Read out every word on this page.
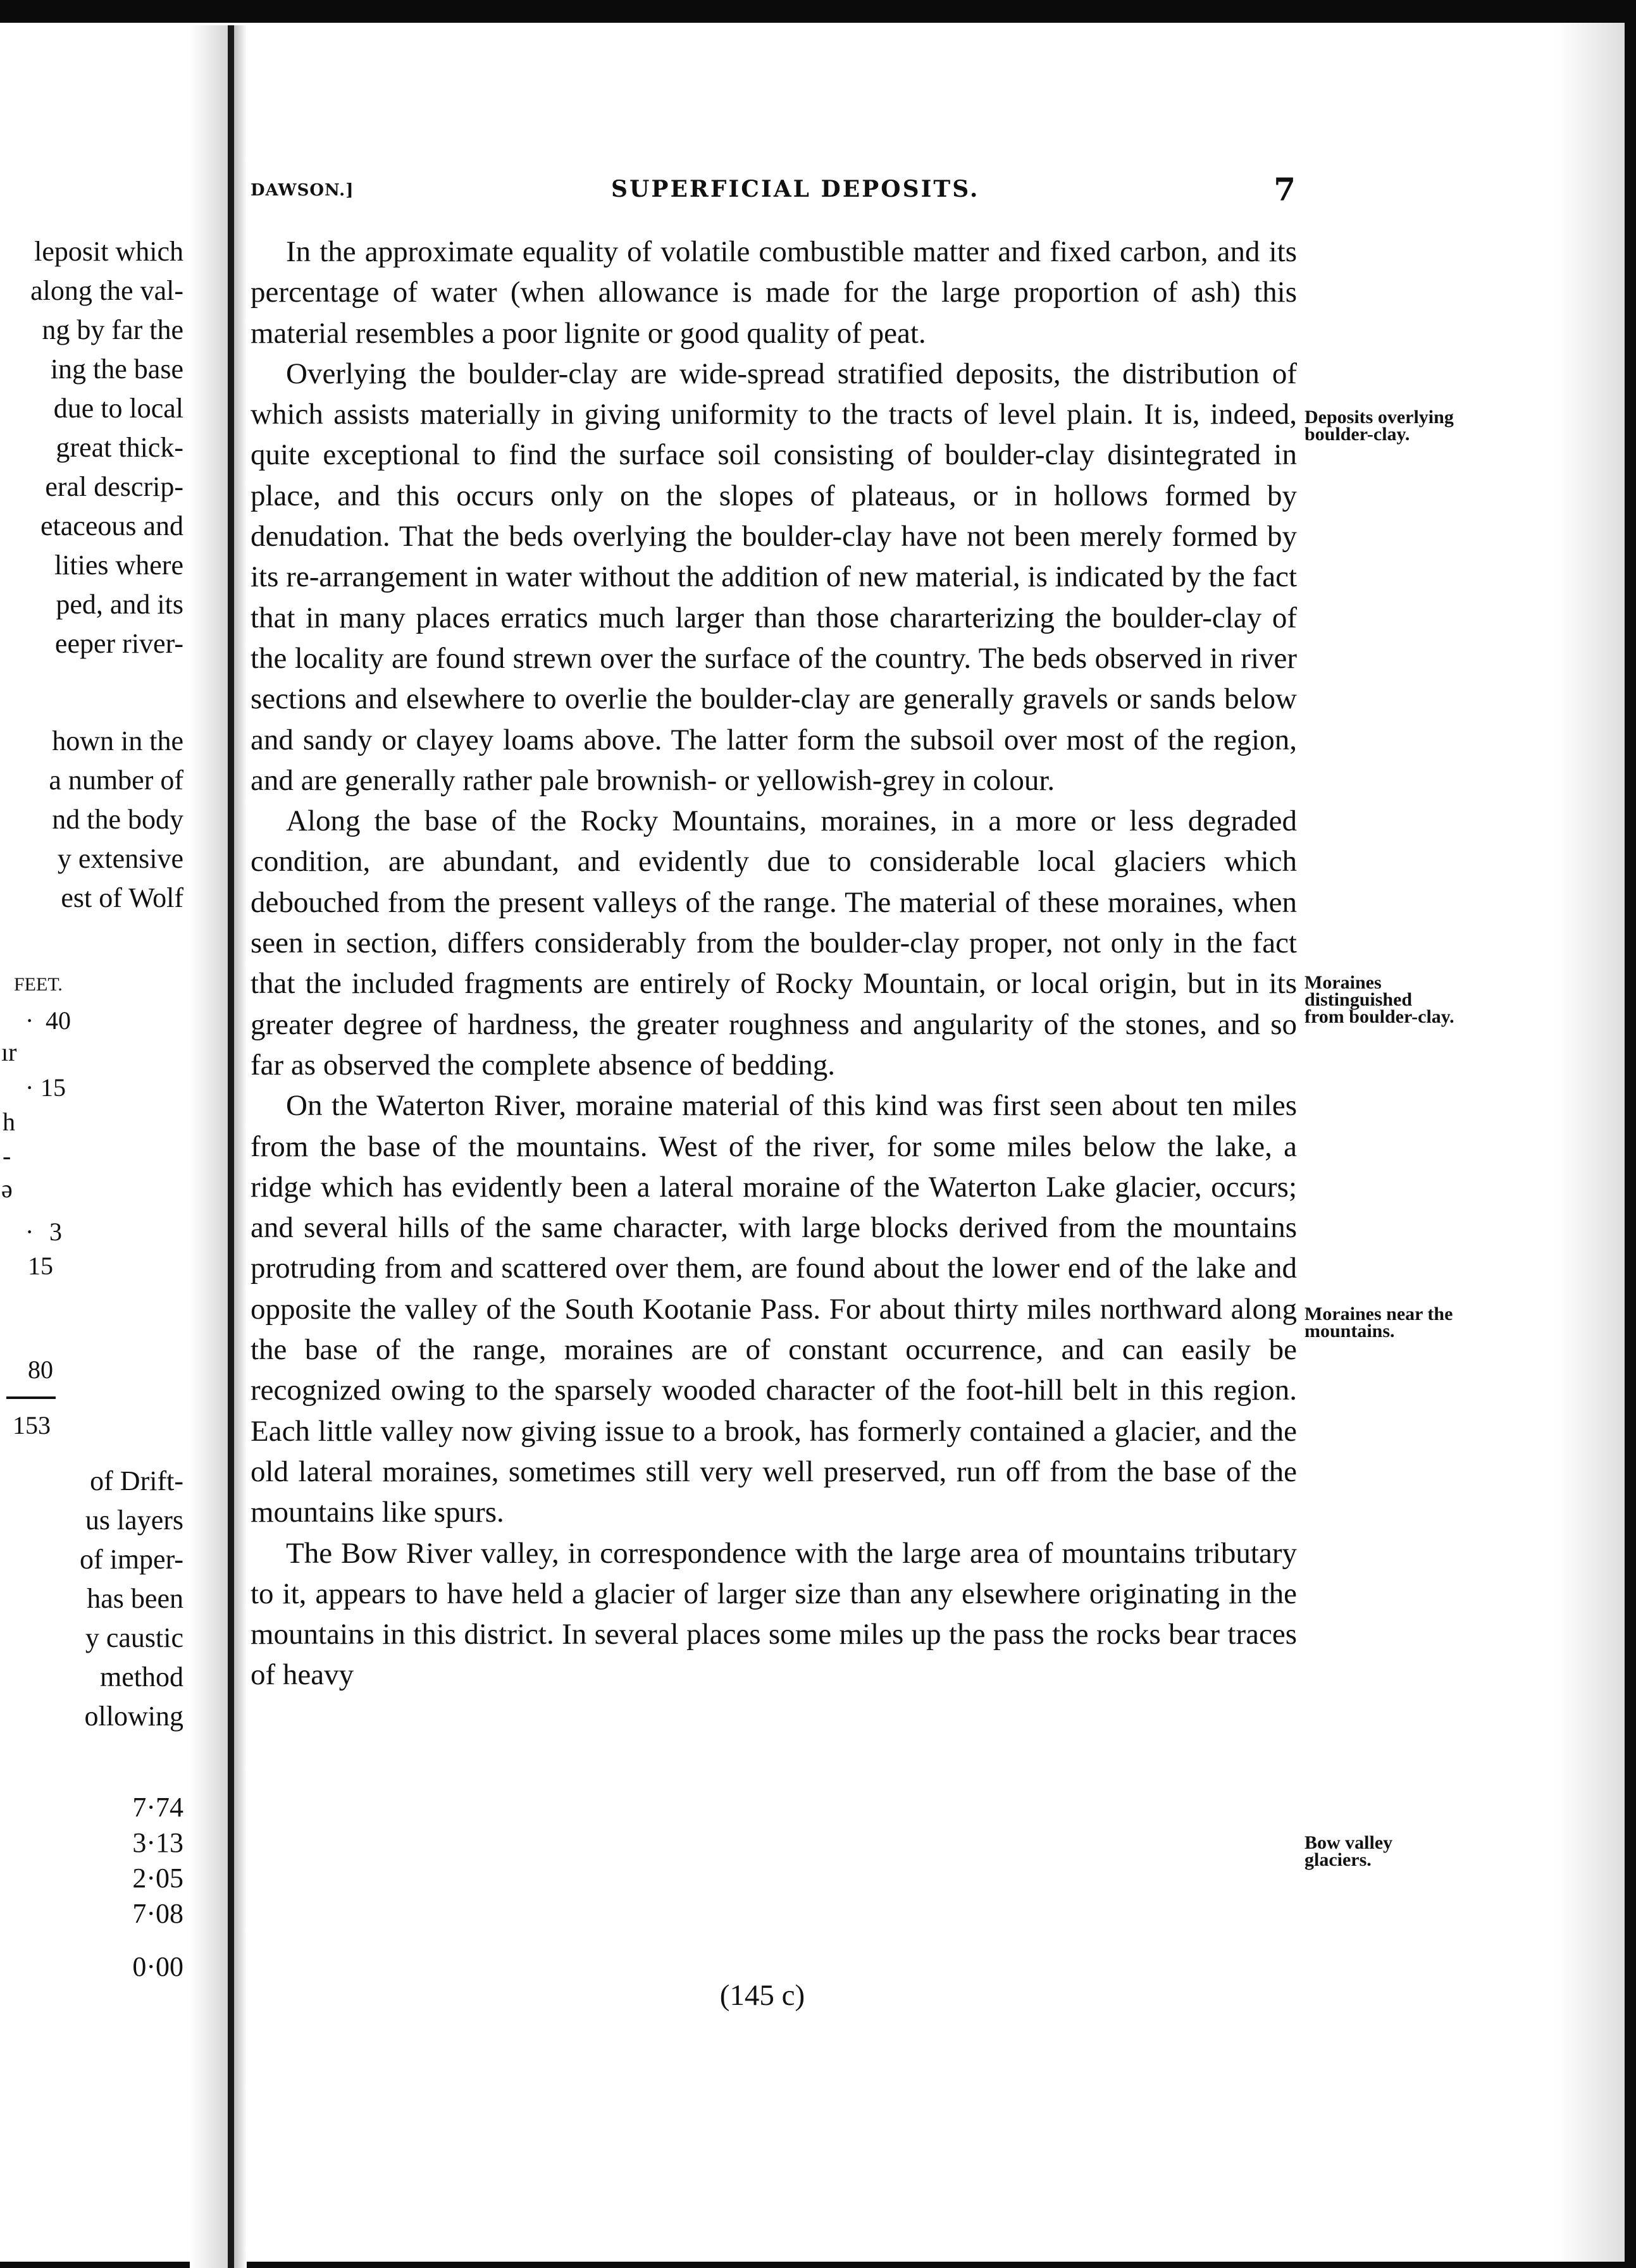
leposit which
along the val-
ng by far the
ing the base
due to local
great thick-
eral descrip-
etaceous and
lities where
ped, and its
eeper river-
hown in the
a number of
nd the body
y extensive
est of Wolf
FEET.
· 40
ır
· 15
h
-
ə
· 3
15
80
153
of Drift-
us layers
of imper-
has been
y caustic
method
ollowing
7·74
3·13
2·05
7·08
0·00
DAWSON.]	SUPERFICIAL DEPOSITS.	7

In the approximate equality of volatile combustible matter and fixed carbon, and its percentage of water (when allowance is made for the large proportion of ash) this material resembles a poor lignite or good quality of peat.

Overlying the boulder-clay are wide-spread stratified deposits, the distribution of which assists materially in giving uniformity to the tracts of level plain. It is, indeed, quite exceptional to find the surface soil consisting of boulder-clay disintegrated in place, and this occurs only on the slopes of plateaus, or in hollows formed by denudation. That the beds overlying the boulder-clay have not been merely formed by its re-arrangement in water without the addition of new material, is indicated by the fact that in many places erratics much larger than those chararterizing the boulder-clay of the locality are found strewn over the surface of the country. The beds observed in river sections and elsewhere to overlie the boulder-clay are generally gravels or sands below and sandy or clayey loams above. The latter form the subsoil over most of the region, and are generally rather pale brownish- or yellowish-grey in colour.

Along the base of the Rocky Mountains, moraines, in a more or less degraded condition, are abundant, and evidently due to considerable local glaciers which debouched from the present valleys of the range. The material of these moraines, when seen in section, differs considerably from the boulder-clay proper, not only in the fact that the included fragments are entirely of Rocky Mountain, or local origin, but in its greater degree of hardness, the greater roughness and angularity of the stones, and so far as observed the complete absence of bedding.

On the Waterton River, moraine material of this kind was first seen about ten miles from the base of the mountains. West of the river, for some miles below the lake, a ridge which has evidently been a lateral moraine of the Waterton Lake glacier, occurs; and several hills of the same character, with large blocks derived from the mountains protruding from and scattered over them, are found about the lower end of the lake and opposite the valley of the South Kootanie Pass. For about thirty miles northward along the base of the range, moraines are of constant occurrence, and can easily be recognized owing to the sparsely wooded character of the foot-hill belt in this region. Each little valley now giving issue to a brook, has formerly contained a glacier, and the old lateral moraines, sometimes still very well preserved, run off from the base of the mountains like spurs.

The Bow River valley, in correspondence with the large area of mountains tributary to it, appears to have held a glacier of larger size than any elsewhere originating in the mountains in this district. In several places some miles up the pass the rocks bear traces of heavy

Deposits overlying boulder-clay.
Moraines distinguished from boulder-clay.
Moraines near the mountains.
Bow valley glaciers.
(145 c)
